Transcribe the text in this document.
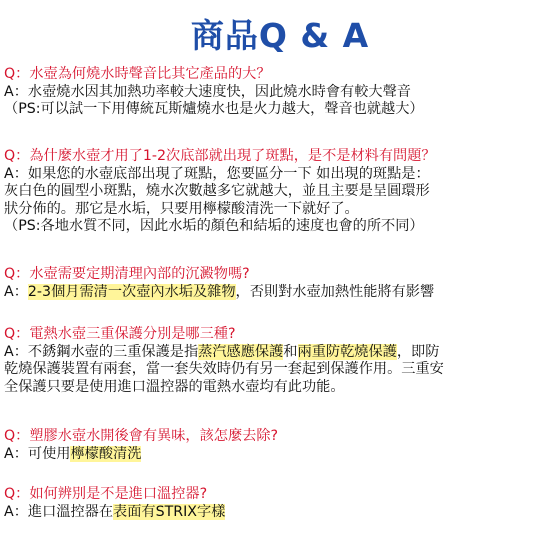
商品Q & A
Q：水壺為何燒水時聲音比其它產品的大？
A：水壺燒水因其加熱功率較大速度快，因此燒水時會有較大聲音
（PS:可以試一下用傳統瓦斯爐燒水也是火力越大，聲音也就越大）
Q：為什麼水壺才用了1-2次底部就出現了斑點，是不是材料有問題？
A：如果您的水壺底部出現了斑點，您要區分一下 如出現的斑點是：
灰白色的圓型小斑點，燒水次數越多它就越大，並且主要是呈圓環形
狀分佈的。那它是水垢，只要用檸檬酸清洗一下就好了。
（PS:各地水質不同，因此水垢的顏色和結垢的速度也會的所不同）
Q：水壺需要定期清理內部的沉澱物嗎?
A：2-3個月需清一次壺內水垢及雜物，否則對水壺加熱性能將有影響
Q：電熱水壺三重保護分別是哪三種?
A：不銹鋼水壺的三重保護是指蒸汽感應保護和兩重防乾燒保護，即防
乾燒保護裝置有兩套，當一套失效時仍有另一套起到保護作用。三重安
全保護只要是使用進口溫控器的電熱水壺均有此功能。
Q：塑膠水壺水開後會有異味，該怎麼去除?
A：可使用檸檬酸清洗
Q：如何辨別是不是進口溫控器?
A：進口溫控器在表面有STRIX字樣
